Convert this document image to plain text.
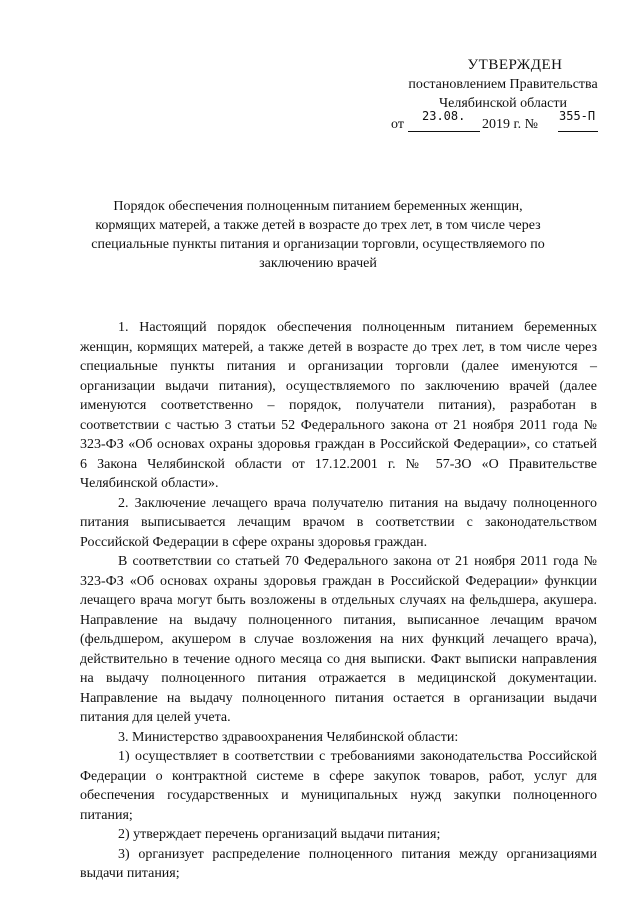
УТВЕРЖДЕН
постановлением Правительства
Челябинской области
от
23.08.
2019 г. №
355-П
Порядок обеспечения полноценным питанием беременных женщин, кормящих матерей, а также детей в возрасте до трех лет, в том числе через специальные пункты питания и организации торговли, осуществляемого по заключению врачей

1. Настоящий порядок обеспечения полноценным питанием беременных женщин, кормящих матерей, а также детей в возрасте до трех лет, в том числе через специальные пункты питания и организации торговли (далее именуются – организации выдачи питания), осуществляемого по заключению врачей (далее именуются соответственно – порядок, получатели питания), разработан в соответствии с частью 3 статьи 52 Федерального закона от 21 ноября 2011 года № 323-ФЗ «Об основах охраны здоровья граждан в Российской Федерации», со статьей 6 Закона Челябинской области от 17.12.2001 г. № 57-ЗО «О Правительстве Челябинской области».

2. Заключение лечащего врача получателю питания на выдачу полноценного питания выписывается лечащим врачом в соответствии с законодательством Российской Федерации в сфере охраны здоровья граждан.

В соответствии со статьей 70 Федерального закона от 21 ноября 2011 года № 323-ФЗ «Об основах охраны здоровья граждан в Российской Федерации» функции лечащего врача могут быть возложены в отдельных случаях на фельдшера, акушера. Направление на выдачу полноценного питания, выписанное лечащим врачом (фельдшером, акушером в случае возложения на них функций лечащего врача), действительно в течение одного месяца со дня выписки. Факт выписки направления на выдачу полноценного питания отражается в медицинской документации. Направление на выдачу полноценного питания остается в организации выдачи питания для целей учета.

3. Министерство здравоохранения Челябинской области:

1) осуществляет в соответствии с требованиями законодательства Российской Федерации о контрактной системе в сфере закупок товаров, работ, услуг для обеспечения государственных и муниципальных нужд закупки полноценного питания;

2) утверждает перечень организаций выдачи питания;

3) организует распределение полноценного питания между организациями выдачи питания;
